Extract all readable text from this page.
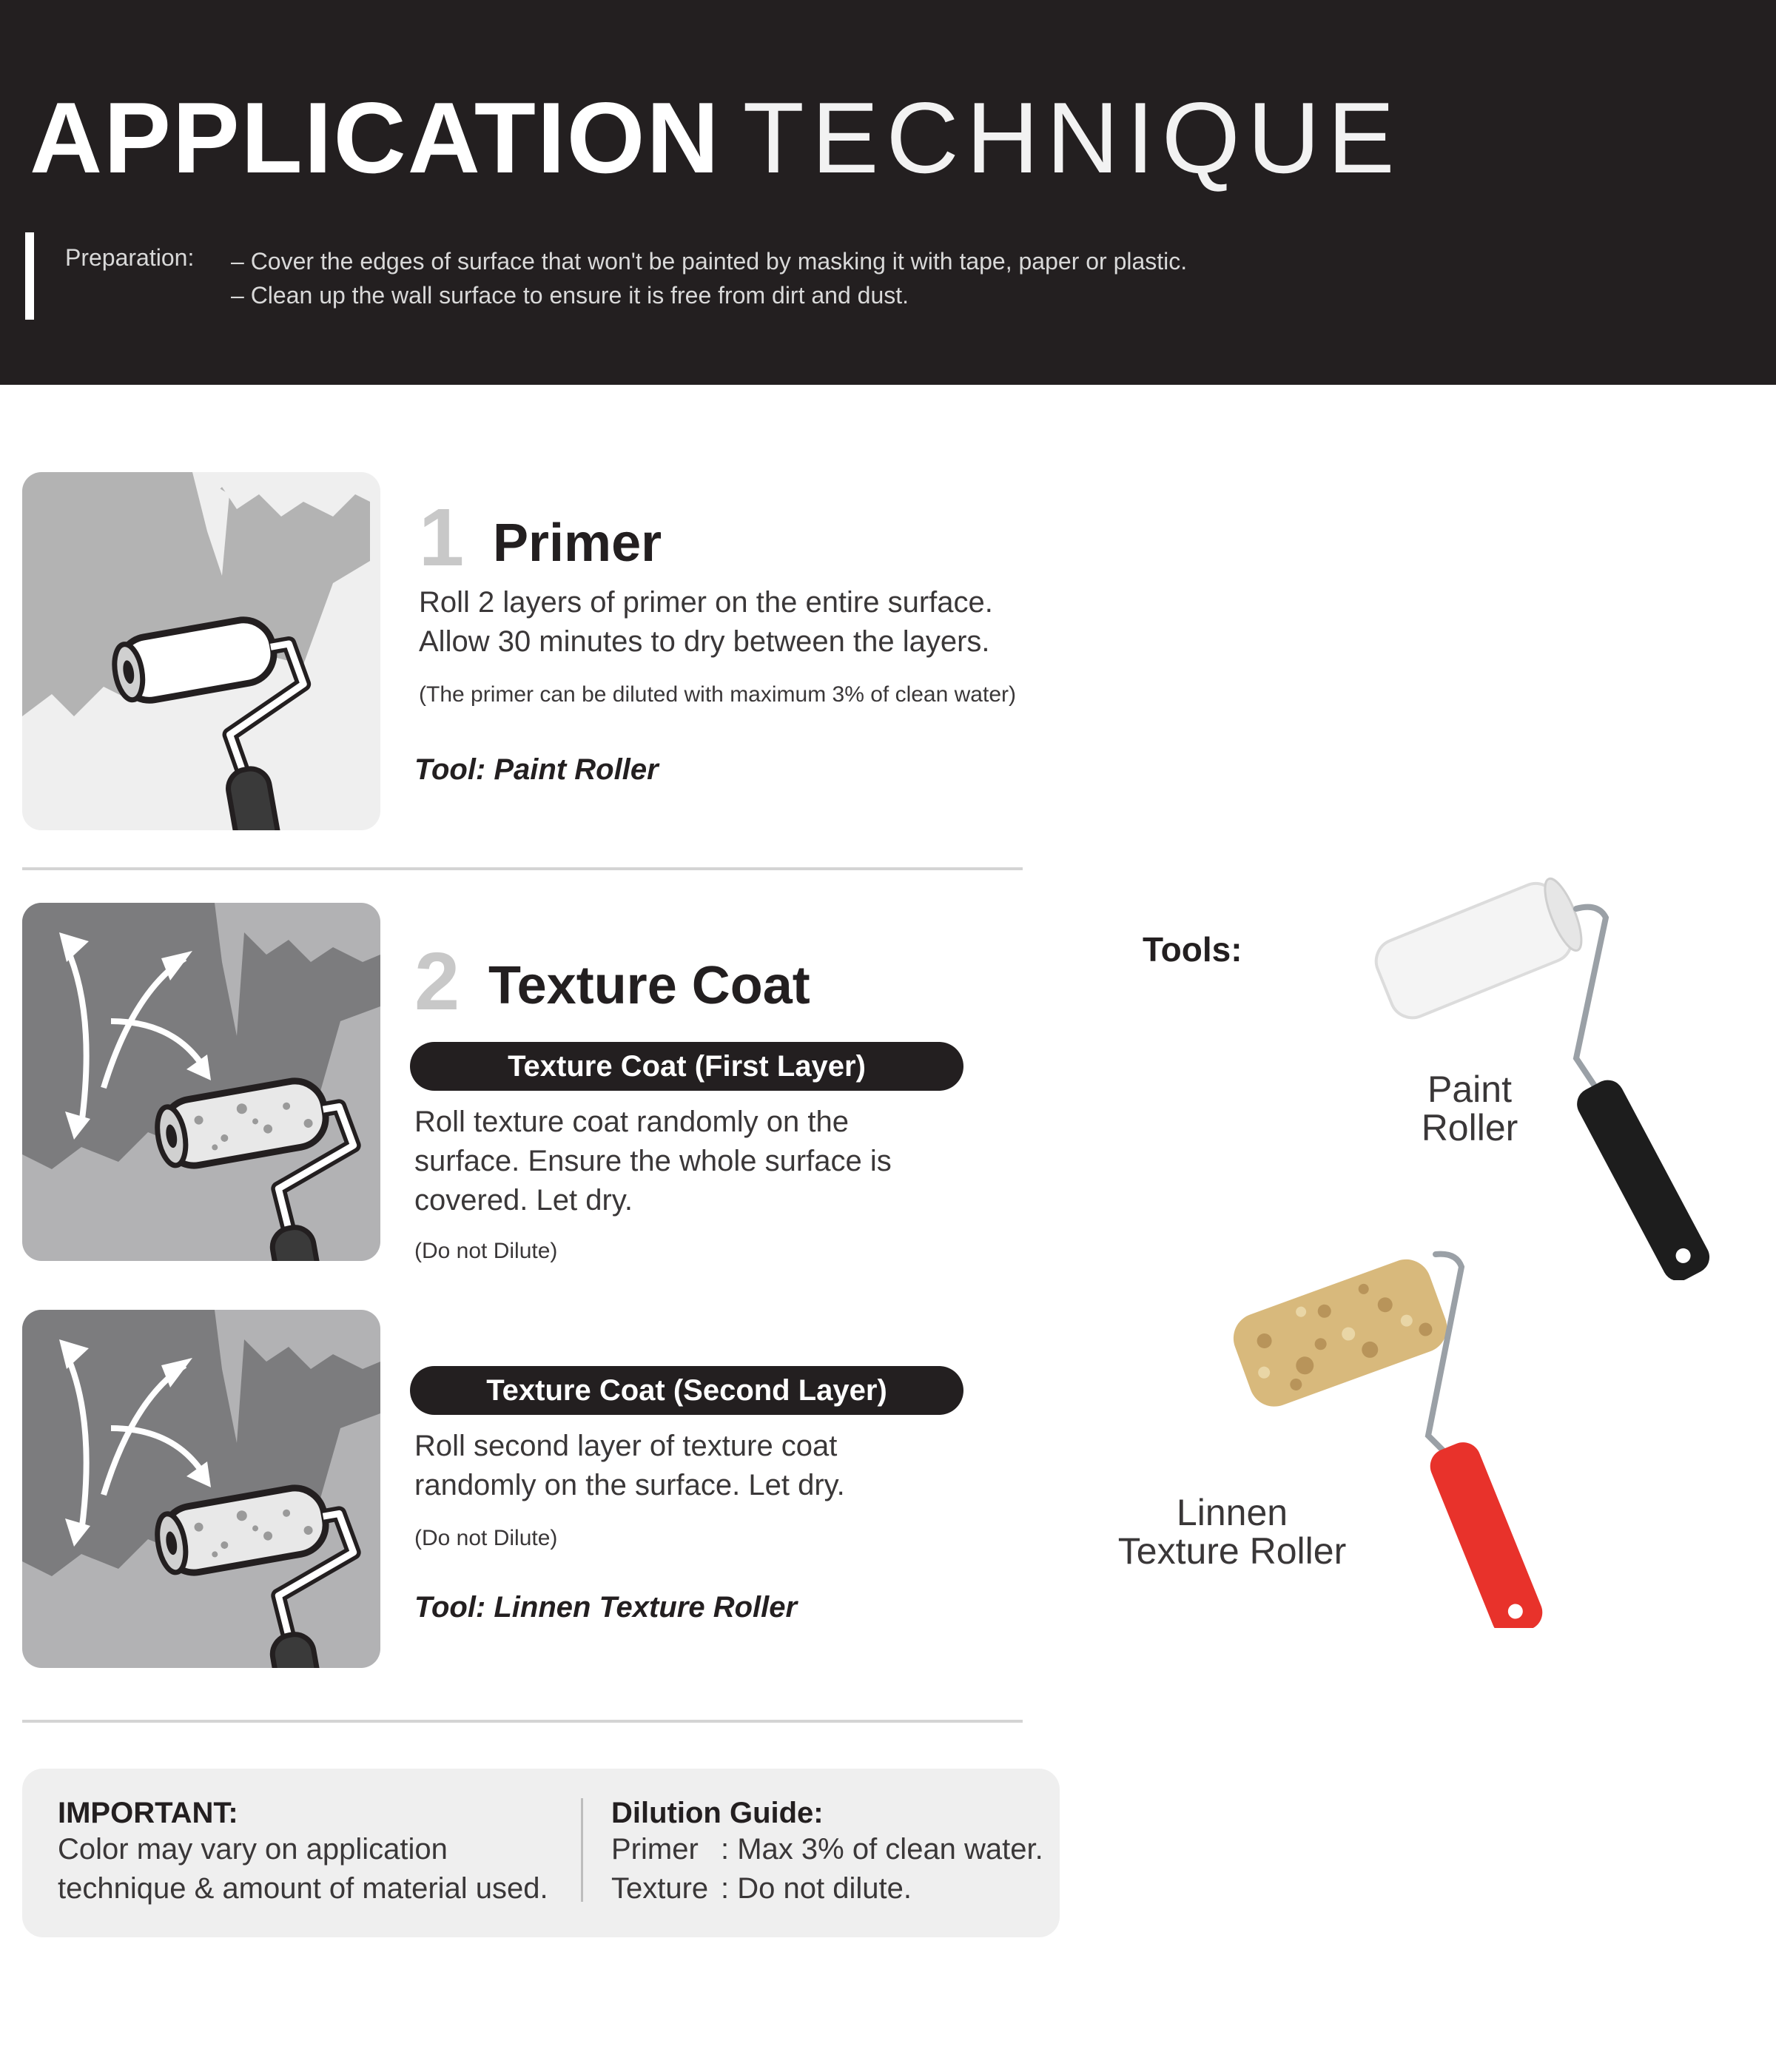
APPLICATION TECHNIQUE
Preparation: – Cover the edges of surface that won't be painted by masking it with tape, paper or plastic.
– Clean up the wall surface to ensure it is free from dirt and dust.
1 Primer
Roll 2 layers of primer on the entire surface.
Allow 30 minutes to dry between the layers.
(The primer can be diluted with maximum 3% of clean water)
Tool: Paint Roller
2 Texture Coat
Texture Coat (First Layer)
Roll texture coat randomly on the
surface. Ensure the whole surface is
covered. Let dry.
(Do not Dilute)
Texture Coat (Second Layer)
Roll second layer of texture coat
randomly on the surface. Let dry.
(Do not Dilute)
Tool: Linnen Texture Roller
Tools:
Paint
Roller
Linnen
Texture Roller
IMPORTANT:
Color may vary on application
technique & amount of material used.
Dilution Guide:
Primer : Max 3% of clean water.
Texture : Do not dilute.
